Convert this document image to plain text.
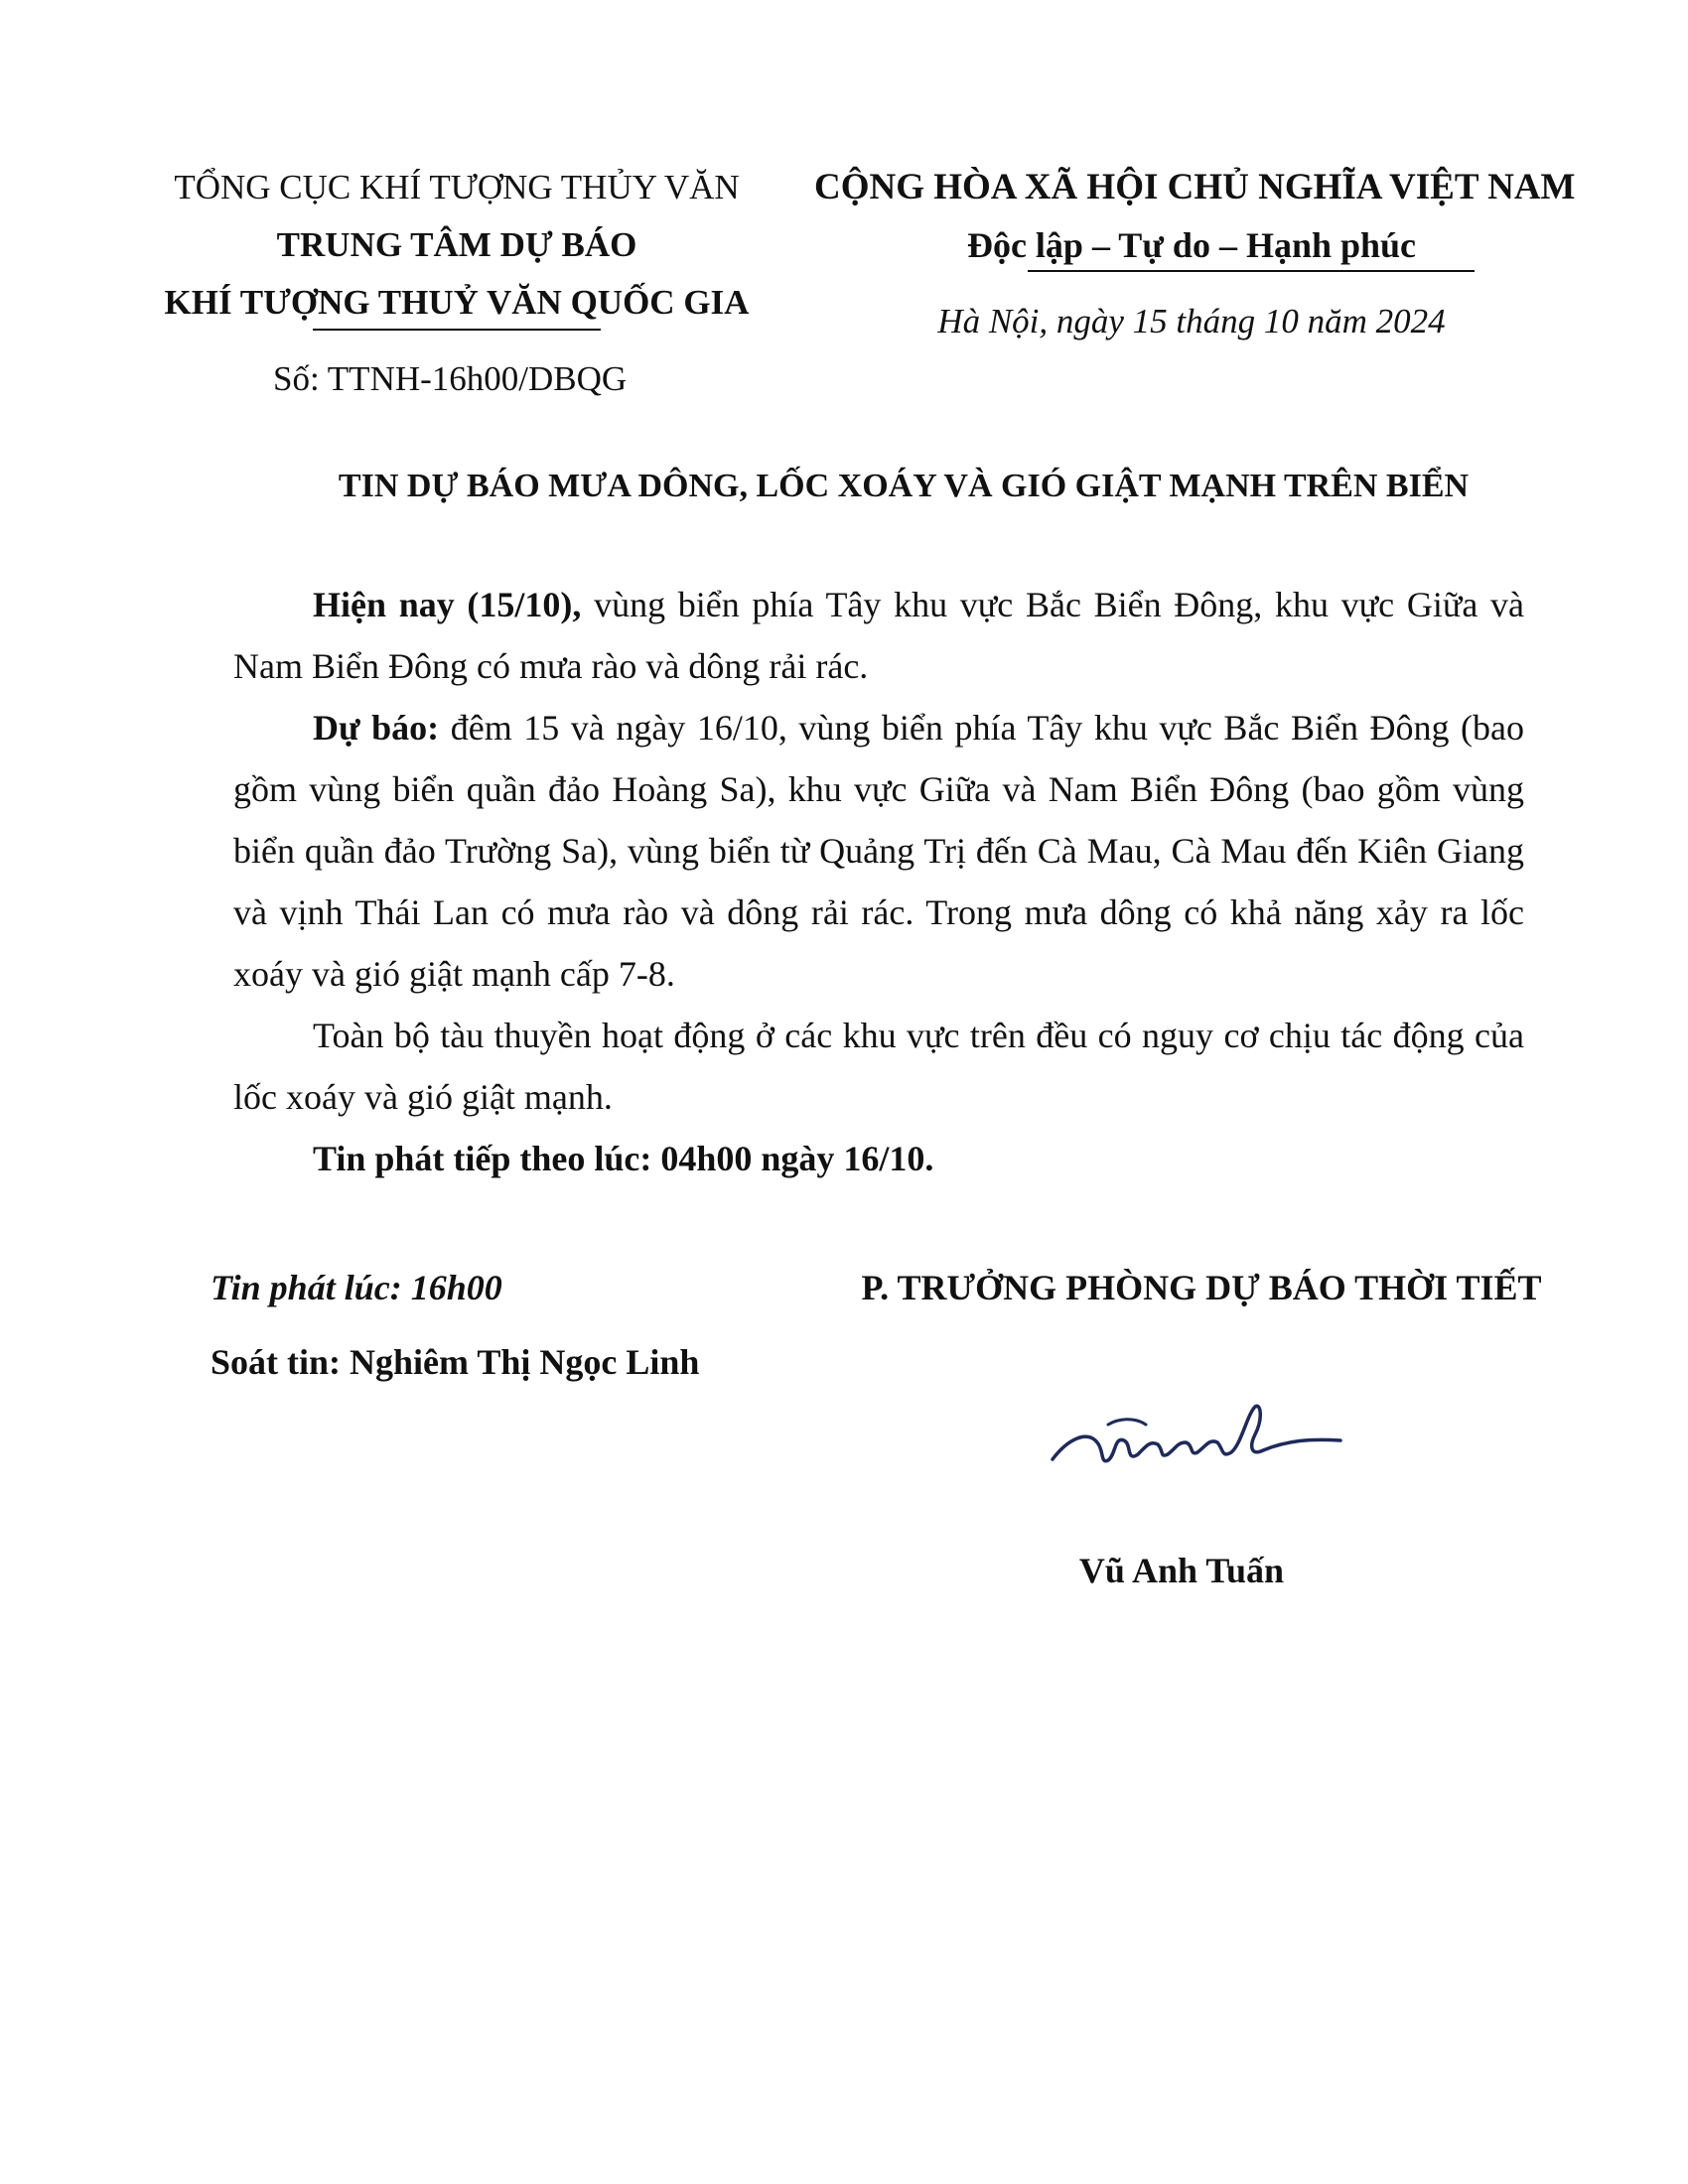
TỔNG CỤC KHÍ TƯỢNG THỦY VĂN
TRUNG TÂM DỰ BÁO
KHÍ TƯỢNG THUỶ VĂN QUỐC GIA
Số: TTNH-16h00/DBQG
CỘNG HÒA XÃ HỘI CHỦ NGHĨA VIỆT NAM
Độc lập – Tự do – Hạnh phúc
Hà Nội, ngày 15 tháng 10 năm 2024
TIN DỰ BÁO MƯA DÔNG, LỐC XOÁY VÀ GIÓ GIẬT MẠNH TRÊN BIỂN

Hiện nay (15/10), vùng biển phía Tây khu vực Bắc Biển Đông, khu vực Giữa và Nam Biển Đông có mưa rào và dông rải rác.

Dự báo: đêm 15 và ngày 16/10, vùng biển phía Tây khu vực Bắc Biển Đông (bao gồm vùng biển quần đảo Hoàng Sa), khu vực Giữa và Nam Biển Đông (bao gồm vùng biển quần đảo Trường Sa), vùng biển từ Quảng Trị đến Cà Mau, Cà Mau đến Kiên Giang và vịnh Thái Lan có mưa rào và dông rải rác. Trong mưa dông có khả năng xảy ra lốc xoáy và gió giật mạnh cấp 7-8.

Toàn bộ tàu thuyền hoạt động ở các khu vực trên đều có nguy cơ chịu tác động của lốc xoáy và gió giật mạnh.

Tin phát tiếp theo lúc: 04h00 ngày 16/10.

Tin phát lúc: 16h00
Soát tin: Nghiêm Thị Ngọc Linh
P. TRƯỞNG PHÒNG DỰ BÁO THỜI TIẾT
Vũ Anh Tuấn
